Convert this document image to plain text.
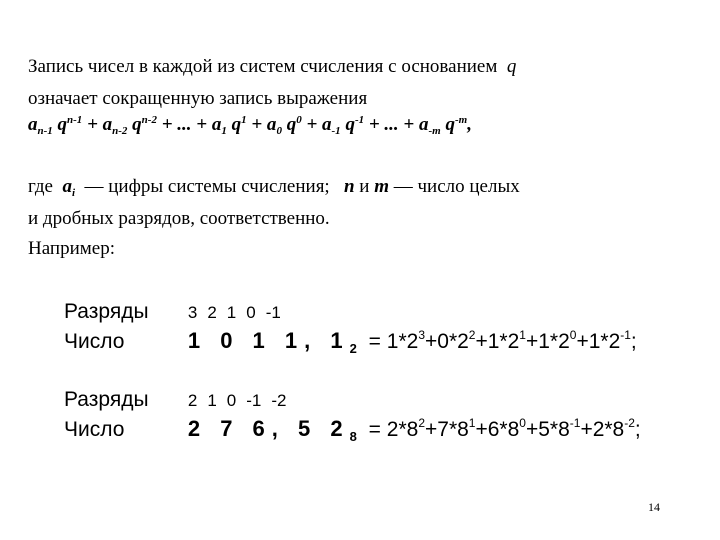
Запись чисел в каждой из систем счисления с основанием q
означает сокращенную запись выражения
$a_{n-1}$ $q^{n-1} + a_{n-2}$ $q^{n-2}$ + ... + $a_1$ $q^1 + a_0$ $q^0 + a_{-1}$ $q^{-1}$ + ... + $a_{-m}$ $q^{-m}$,
где $a_i$ — цифры системы счисления; n и m — число целых
и дробных разрядов, соответственно.
Например:
Разряды 3 2 1 0 -1
Число	1 0 1 1, $1_2 = 1*2^3+0*2^2+1*2^1+1*2^0+1*2^{-1}$;
Разряды 2 1 0 -1 -2
Число	2 7 6, 5 $2_8 = 2*8^2+7*8^1+6*8^0+5*8^{-1}+2*8^{-2}$;
14
